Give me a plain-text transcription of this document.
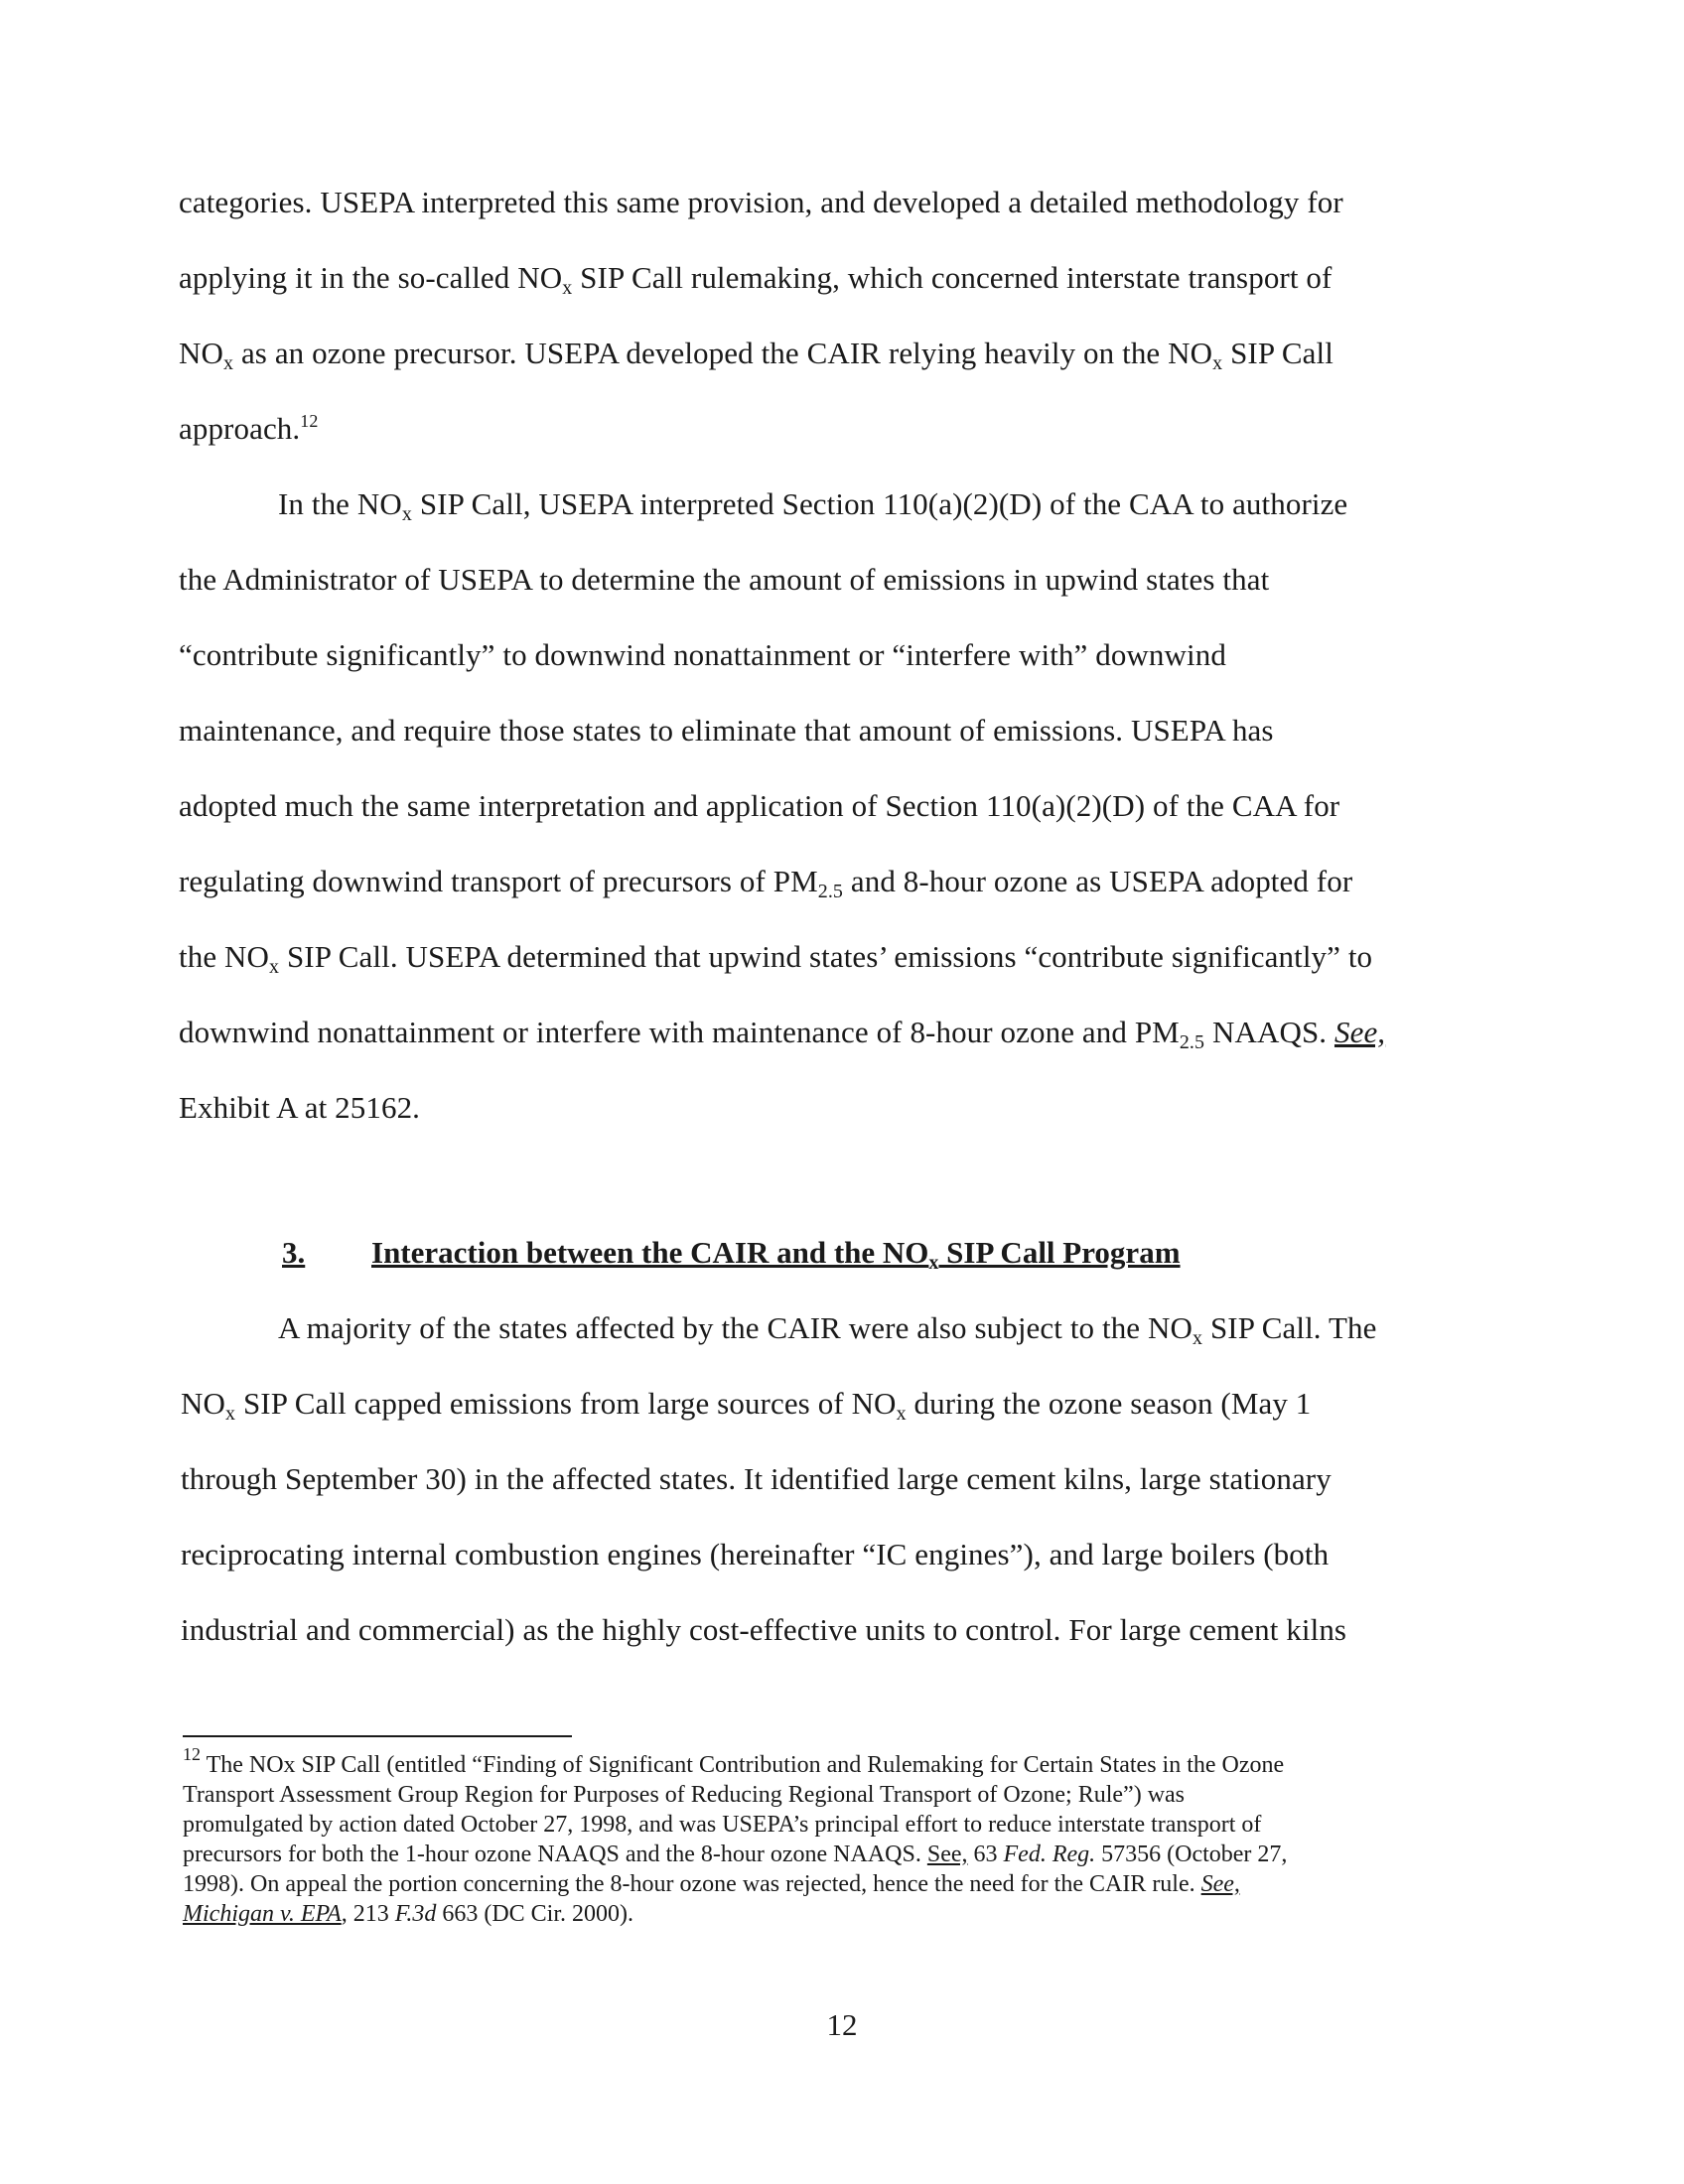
categories. USEPA interpreted this same provision, and developed a detailed methodology for
applying it in the so-called $NO_x$ SIP Call rulemaking, which concerned interstate transport of
$NO_x$ as an ozone precursor. USEPA developed the CAIR relying heavily on the $NO_x$ SIP Call
approach.$^{12}$
In the $NO_x$ SIP Call, USEPA interpreted Section 110(a)(2)(D) of the CAA to authorize
the Administrator of USEPA to determine the amount of emissions in upwind states that
“contribute significantly” to downwind nonattainment or “interfere with” downwind
maintenance, and require those states to eliminate that amount of emissions. USEPA has
adopted much the same interpretation and application of Section 110(a)(2)(D) of the CAA for
regulating downwind transport of precursors of $PM_{2.5}$ and 8-hour ozone as USEPA adopted for
the $NO_x$ SIP Call. USEPA determined that upwind states’ emissions “contribute significantly” to
downwind nonattainment or interfere with maintenance of 8-hour ozone and $PM_{2.5}$ NAAQS. See,
Exhibit A at 25162.
3. Interaction between the CAIR and the $NO_x$ SIP Call Program
A majority of the states affected by the CAIR were also subject to the $NO_x$ SIP Call. The
$NO_x$ SIP Call capped emissions from large sources of $NO_x$ during the ozone season (May 1
through September 30) in the affected states. It identified large cement kilns, large stationary
reciprocating internal combustion engines (hereinafter “IC engines”), and large boilers (both
industrial and commercial) as the highly cost-effective units to control. For large cement kilns
$^{12}$ The NOx SIP Call (entitled “Finding of Significant Contribution and Rulemaking for Certain States in the Ozone
Transport Assessment Group Region for Purposes of Reducing Regional Transport of Ozone; Rule”) was
promulgated by action dated October 27, 1998, and was USEPA’s principal effort to reduce interstate transport of
precursors for both the 1-hour ozone NAAQS and the 8-hour ozone NAAQS. See, 63 Fed. Reg. 57356 (October 27,
1998). On appeal the portion concerning the 8-hour ozone was rejected, hence the need for the CAIR rule. See,
Michigan v. EPA, 213 F.3d 663 (DC Cir. 2000).
12
